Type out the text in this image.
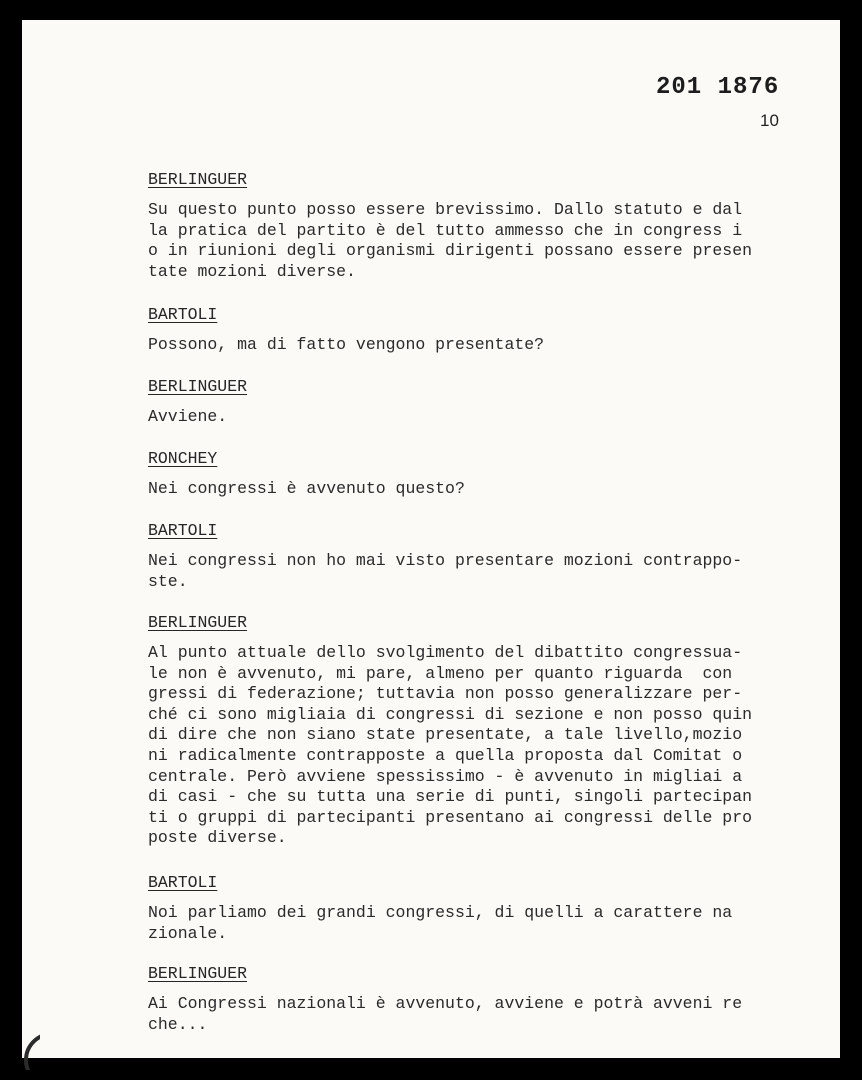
201 1876
10
BERLINGUER
Su questo punto posso essere brevissimo. Dallo statuto e dal
la pratica del partito è del tutto ammesso che in congress i
o in riunioni degli organismi dirigenti possano essere presen
tate mozioni diverse.
BARTOLI
Possono, ma di fatto vengono presentate?
BERLINGUER
Avviene.
RONCHEY
Nei congressi è avvenuto questo?
BARTOLI
Nei congressi non ho mai visto presentare mozioni contrappo-
ste.
BERLINGUER
Al punto attuale dello svolgimento del dibattito congressua-
le non è avvenuto, mi pare, almeno per quanto riguarda  con
gressi di federazione; tuttavia non posso generalizzare per-
ché ci sono migliaia di congressi di sezione e non posso quin
di dire che non siano state presentate, a tale livello,mozio
ni radicalmente contrapposte a quella proposta dal Comitat o
centrale. Però avviene spessissimo - è avvenuto in migliai a
di casi - che su tutta una serie di punti, singoli partecipan
ti o gruppi di partecipanti presentano ai congressi delle pro
poste diverse.
BARTOLI
Noi parliamo dei grandi congressi, di quelli a carattere na
zionale.
BERLINGUER
Ai Congressi nazionali è avvenuto, avviene e potrà avveni re
che...
